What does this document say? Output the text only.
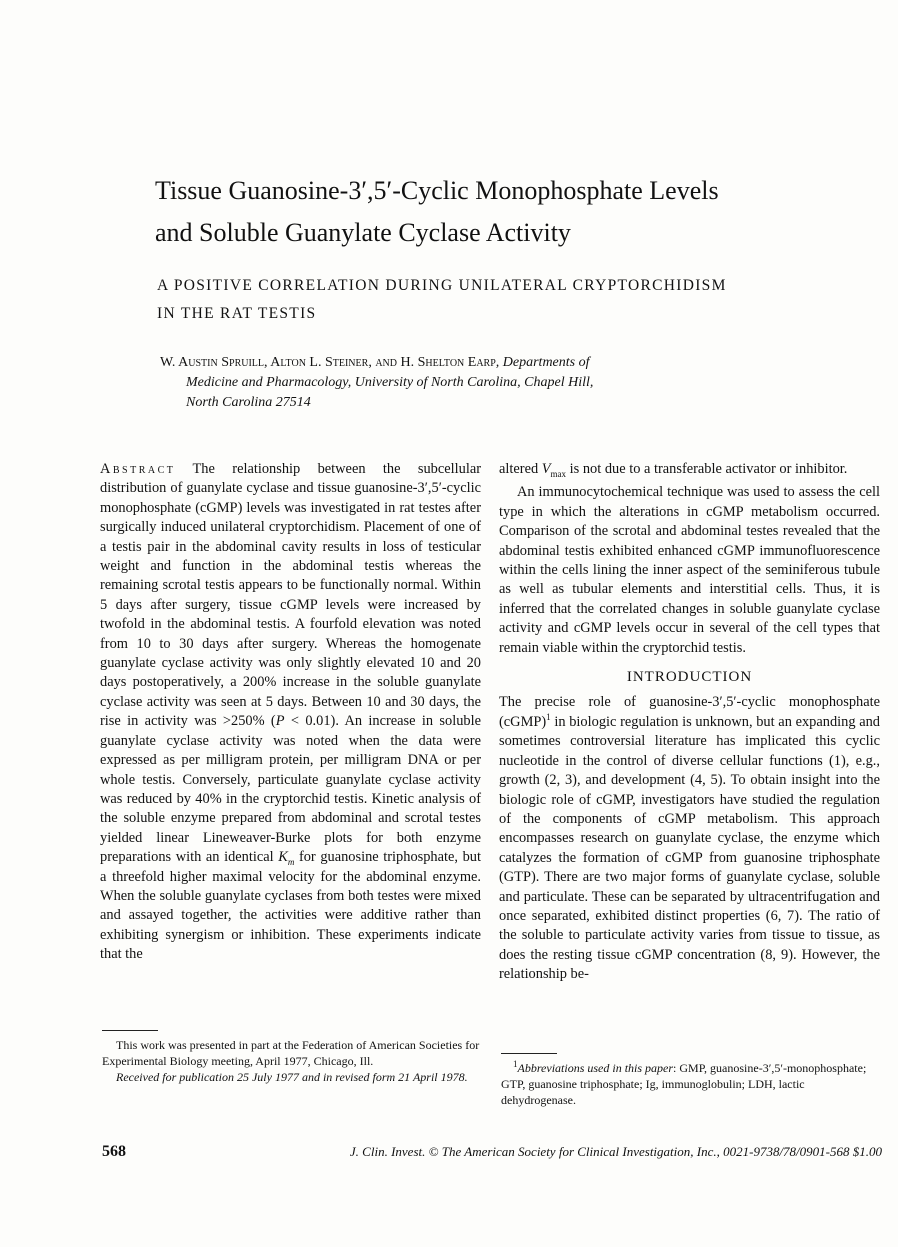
Tissue Guanosine-3′,5′-Cyclic Monophosphate Levels
and Soluble Guanylate Cyclase Activity
A POSITIVE CORRELATION DURING UNILATERAL CRYPTORCHIDISM
IN THE RAT TESTIS
W. Austin Spruill, Alton L. Steiner, and H. Shelton Earp, Departments of
Medicine and Pharmacology, University of North Carolina, Chapel Hill,
North Carolina 27514

Abstract The relationship between the subcellular distribution of guanylate cyclase and tissue guanosine-3′,5′-cyclic monophosphate (cGMP) levels was investigated in rat testes after surgically induced unilateral cryptorchidism. Placement of one of a testis pair in the abdominal cavity results in loss of testicular weight and function in the abdominal testis whereas the remaining scrotal testis appears to be functionally normal. Within 5 days after surgery, tissue cGMP levels were increased by twofold in the abdominal testis. A fourfold elevation was noted from 10 to 30 days after surgery. Whereas the homogenate guanylate cyclase activity was only slightly elevated 10 and 20 days postoperatively, a 200% increase in the soluble guanylate cyclase activity was seen at 5 days. Between 10 and 30 days, the rise in activity was >250% (P < 0.01). An increase in soluble guanylate cyclase activity was noted when the data were expressed as per milligram protein, per milligram DNA or per whole testis. Conversely, particulate guanylate cyclase activity was reduced by 40% in the cryptorchid testis. Kinetic analysis of the soluble enzyme prepared from abdominal and scrotal testes yielded linear Lineweaver-Burke plots for both enzyme preparations with an identical $K_m$ for guanosine triphosphate, but a threefold higher maximal velocity for the abdominal enzyme. When the soluble guanylate cyclases from both testes were mixed and assayed together, the activities were additive rather than exhibiting synergism or inhibition. These experiments indicate that the

altered $V_{max}$ is not due to a transferable activator or inhibitor.

An immunocytochemical technique was used to assess the cell type in which the alterations in cGMP metabolism occurred. Comparison of the scrotal and abdominal testes revealed that the abdominal testis exhibited enhanced cGMP immunofluorescence within the cells lining the inner aspect of the seminiferous tubule as well as tubular elements and interstitial cells. Thus, it is inferred that the correlated changes in soluble guanylate cyclase activity and cGMP levels occur in several of the cell types that remain viable within the cryptorchid testis.

INTRODUCTION

The precise role of guanosine-3′,5′-cyclic monophosphate (cGMP)$^1$ in biologic regulation is unknown, but an expanding and sometimes controversial literature has implicated this cyclic nucleotide in the control of diverse cellular functions (1), e.g., growth (2, 3), and development (4, 5). To obtain insight into the biologic role of cGMP, investigators have studied the regulation of the components of cGMP metabolism. This approach encompasses research on guanylate cyclase, the enzyme which catalyzes the formation of cGMP from guanosine triphosphate (GTP). There are two major forms of guanylate cyclase, soluble and particulate. These can be separated by ultracentrifugation and once separated, exhibited distinct properties (6, 7). The ratio of the soluble to particulate activity varies from tissue to tissue, as does the resting tissue cGMP concentration (8, 9). However, the relationship be-

This work was presented in part at the Federation of American Societies for Experimental Biology meeting, April 1977, Chicago, Ill.

Received for publication 25 July 1977 and in revised form 21 April 1978.

$^1$Abbreviations used in this paper: GMP, guanosine-3′,5′-monophosphate; GTP, guanosine triphosphate; Ig, immunoglobulin; LDH, lactic dehydrogenase.

568	J. Clin. Invest. © The American Society for Clinical Investigation, Inc., 0021-9738/78/0901-568 $1.00
